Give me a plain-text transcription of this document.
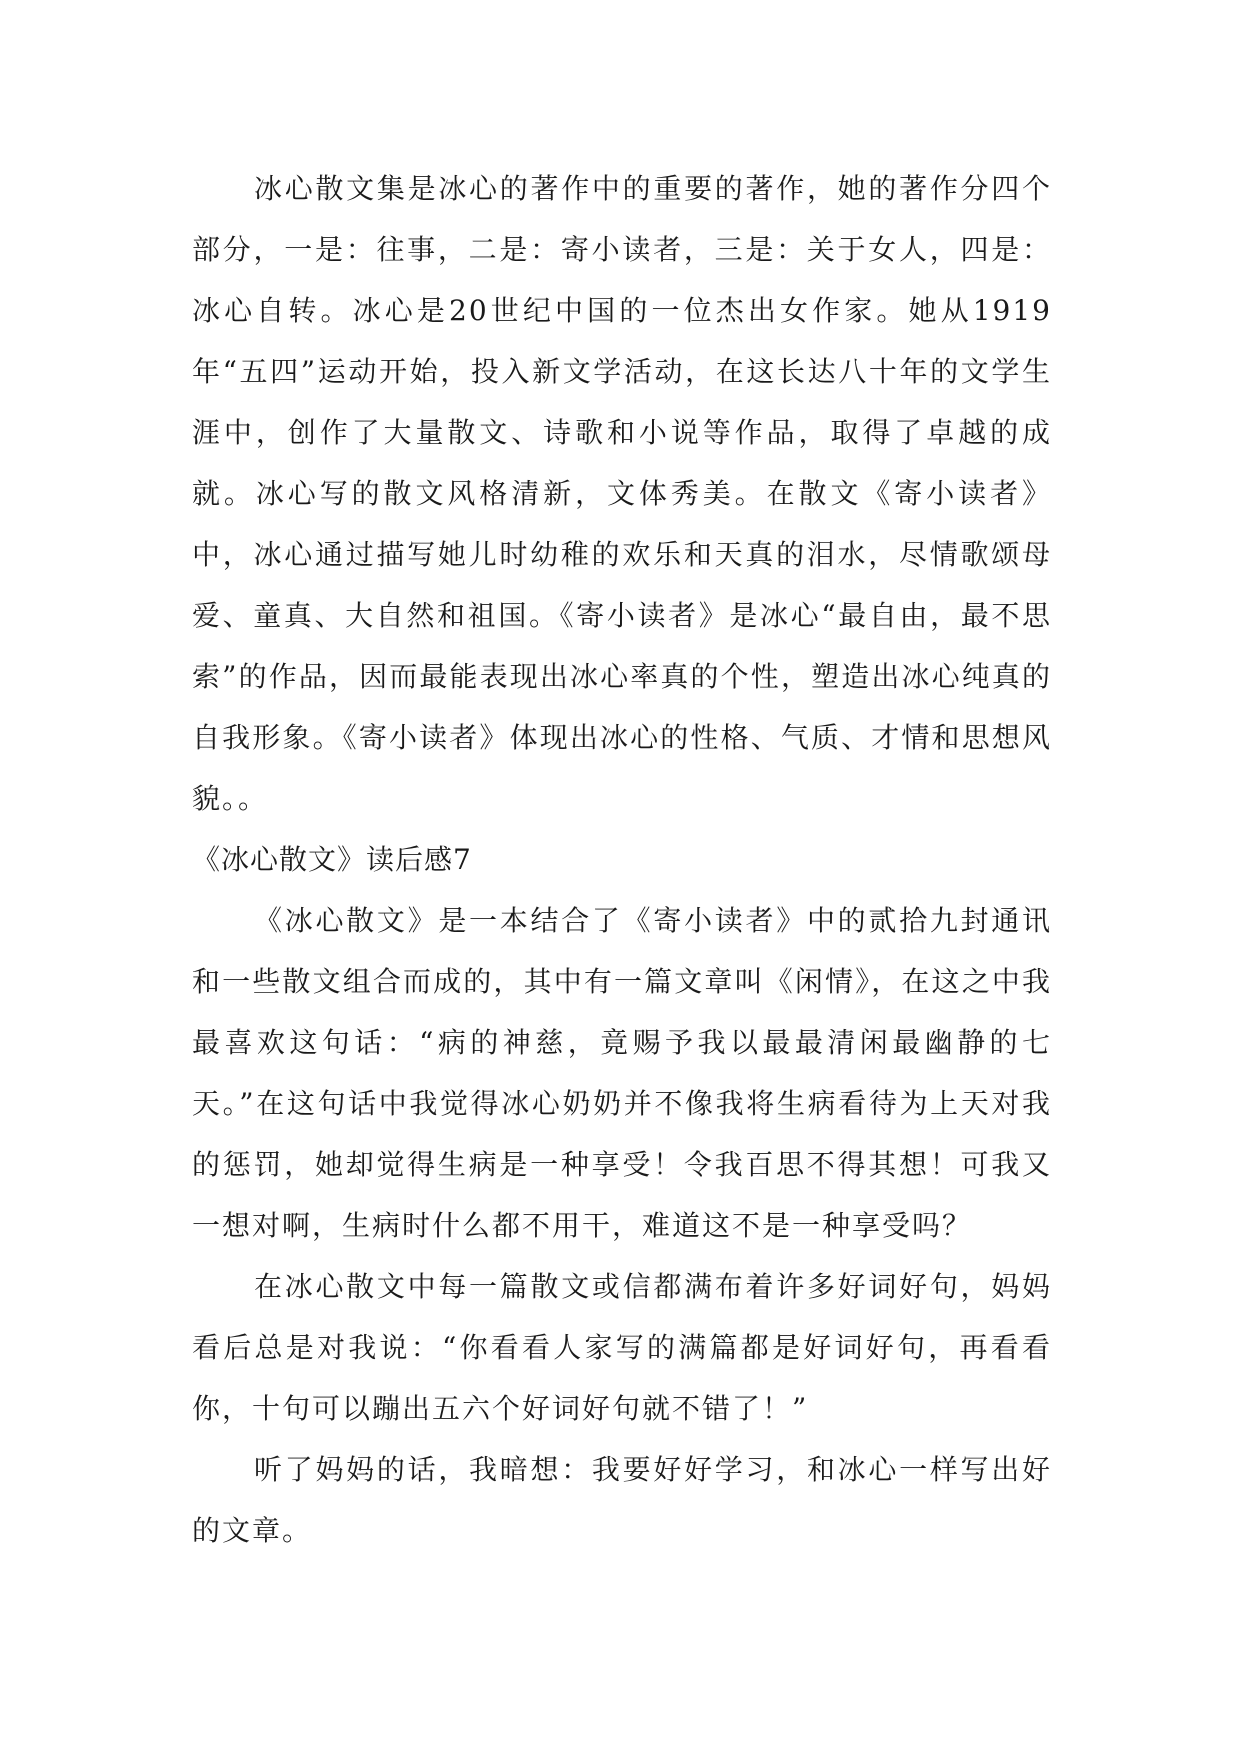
冰心散文集是冰心的著作中的重要的著作，她的著作分四个部分，一是：往事，二是：寄小读者，三是：关于女人，四是：冰心自转。冰心是20世纪中国的一位杰出女作家。她从1919年“五四”运动开始，投入新文学活动，在这长达八十年的文学生涯中，创作了大量散文、诗歌和小说等作品，取得了卓越的成就。冰心写的散文风格清新，文体秀美。在散文《寄小读者》中，冰心通过描写她儿时幼稚的欢乐和天真的泪水，尽情歌颂母爱、童真、大自然和祖国。《寄小读者》是冰心“最自由，最不思索”的作品，因而最能表现出冰心率真的个性，塑造出冰心纯真的自我形象。《寄小读者》体现出冰心的性格、气质、才情和思想风貌。。

《冰心散文》读后感7

《冰心散文》是一本结合了《寄小读者》中的贰拾九封通讯和一些散文组合而成的，其中有一篇文章叫《闲情》，在这之中我最喜欢这句话：“病的神慈，竟赐予我以最最清闲最幽静的七天。”在这句话中我觉得冰心奶奶并不像我将生病看待为上天对我的惩罚，她却觉得生病是一种享受！令我百思不得其想！可我又一想对啊，生病时什么都不用干，难道这不是一种享受吗？

在冰心散文中每一篇散文或信都满布着许多好词好句，妈妈看后总是对我说：“你看看人家写的满篇都是好词好句，再看看你，十句可以蹦出五六个好词好句就不错了！”

听了妈妈的话，我暗想：我要好好学习，和冰心一样写出好的文章。
